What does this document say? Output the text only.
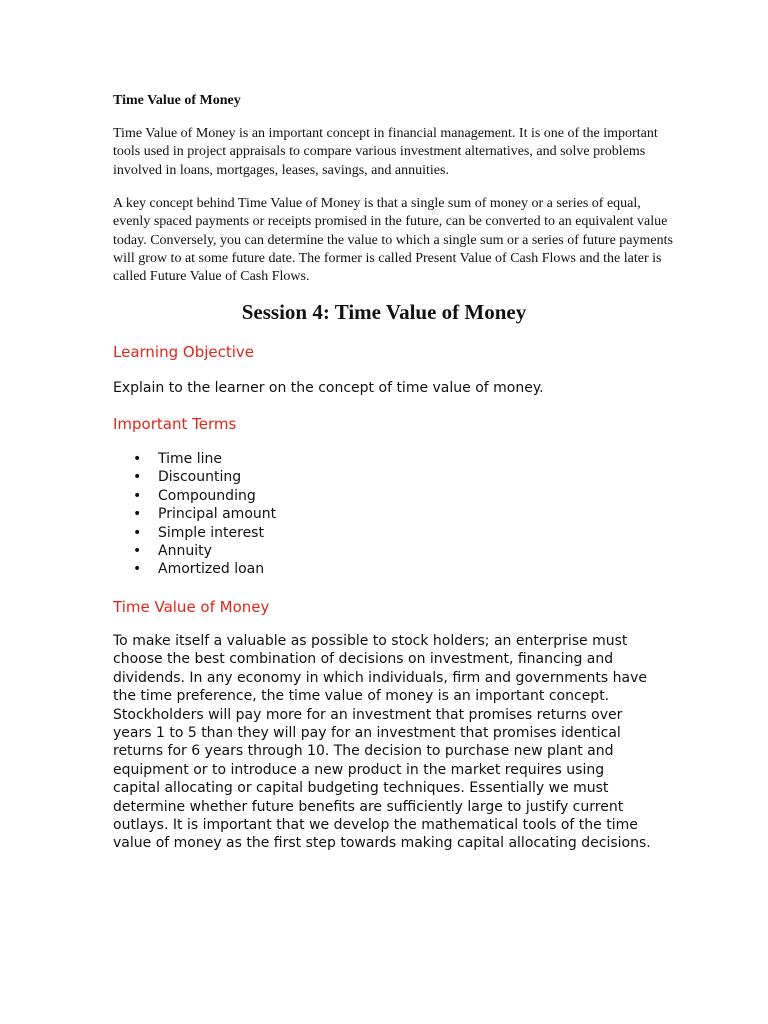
Time Value of Money
Time Value of Money is an important concept in financial management. It is one of the important tools used in project appraisals to compare various investment alternatives, and solve problems involved in loans, mortgages, leases, savings, and annuities.
A key concept behind Time Value of Money is that a single sum of money or a series of equal, evenly spaced payments or receipts promised in the future, can be converted to an equivalent value today. Conversely, you can determine the value to which a single sum or a series of future payments will grow to at some future date. The former is called Present Value of Cash Flows and the later is called Future Value of Cash Flows.
Session 4: Time Value of Money
Learning Objective
Explain to the learner on the concept of time value of money.
Important Terms
• Time line
• Discounting
• Compounding
• Principal amount
• Simple interest
• Annuity
• Amortized loan
Time Value of Money
To make itself a valuable as possible to stock holders; an enterprise must choose the best combination of decisions on investment, financing and dividends. In any economy in which individuals, firm and governments have the time preference, the time value of money is an important concept. Stockholders will pay more for an investment that promises returns over years 1 to 5 than they will pay for an investment that promises identical returns for 6 years through 10. The decision to purchase new plant and equipment or to introduce a new product in the market requires using capital allocating or capital budgeting techniques. Essentially we must determine whether future benefits are sufficiently large to justify current outlays. It is important that we develop the mathematical tools of the time value of money as the first step towards making capital allocating decisions.
